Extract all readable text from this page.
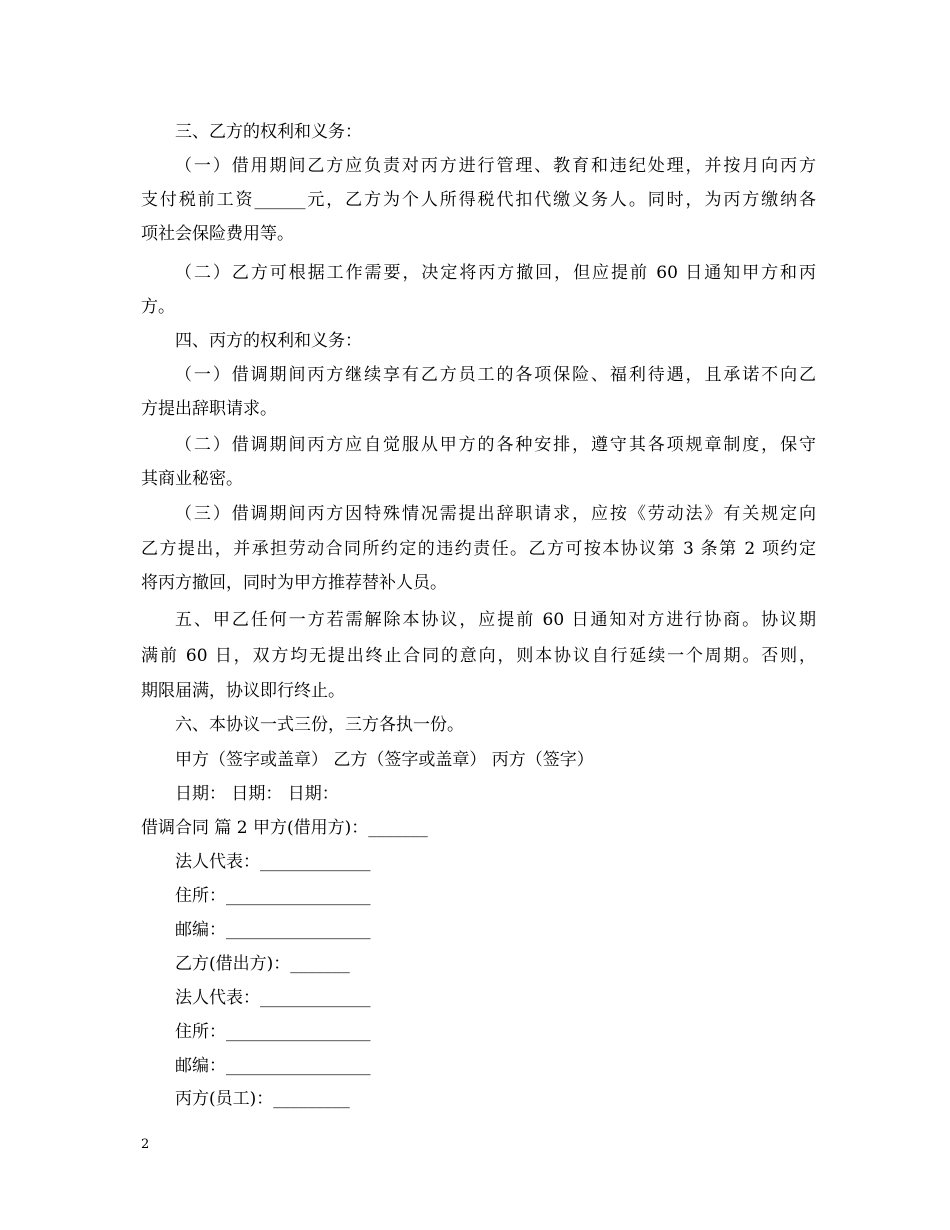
三、乙方的权利和义务：
（一）借用期间乙方应负责对丙方进行管理、教育和违纪处理，并按月向丙方
支付税前工资______元，乙方为个人所得税代扣代缴义务人。同时，为丙方缴纳各
项社会保险费用等。
（二）乙方可根据工作需要，决定将丙方撤回，但应提前 60 日通知甲方和丙
方。
四、丙方的权利和义务：
（一）借调期间丙方继续享有乙方员工的各项保险、福利待遇，且承诺不向乙
方提出辞职请求。
（二）借调期间丙方应自觉服从甲方的各种安排，遵守其各项规章制度，保守
其商业秘密。
（三）借调期间丙方因特殊情况需提出辞职请求，应按《劳动法》有关规定向
乙方提出，并承担劳动合同所约定的违约责任。乙方可按本协议第 3 条第 2 项约定
将丙方撤回，同时为甲方推荐替补人员。
五、甲乙任何一方若需解除本协议，应提前 60 日通知对方进行协商。协议期
满前 60 日，双方均无提出终止合同的意向，则本协议自行延续一个周期。否则，
期限届满，协议即行终止。
六、本协议一式三份，三方各执一份。
甲方（签字或盖章） 乙方（签字或盖章） 丙方（签字）
日期： 日期： 日期：
借调合同 篇 2 甲方(借用方)：_______
法人代表：_____________
住所：_________________
邮编：_________________
乙方(借出方)：_______
法人代表：_____________
住所：_________________
邮编：_________________
丙方(员工)：_________
2
